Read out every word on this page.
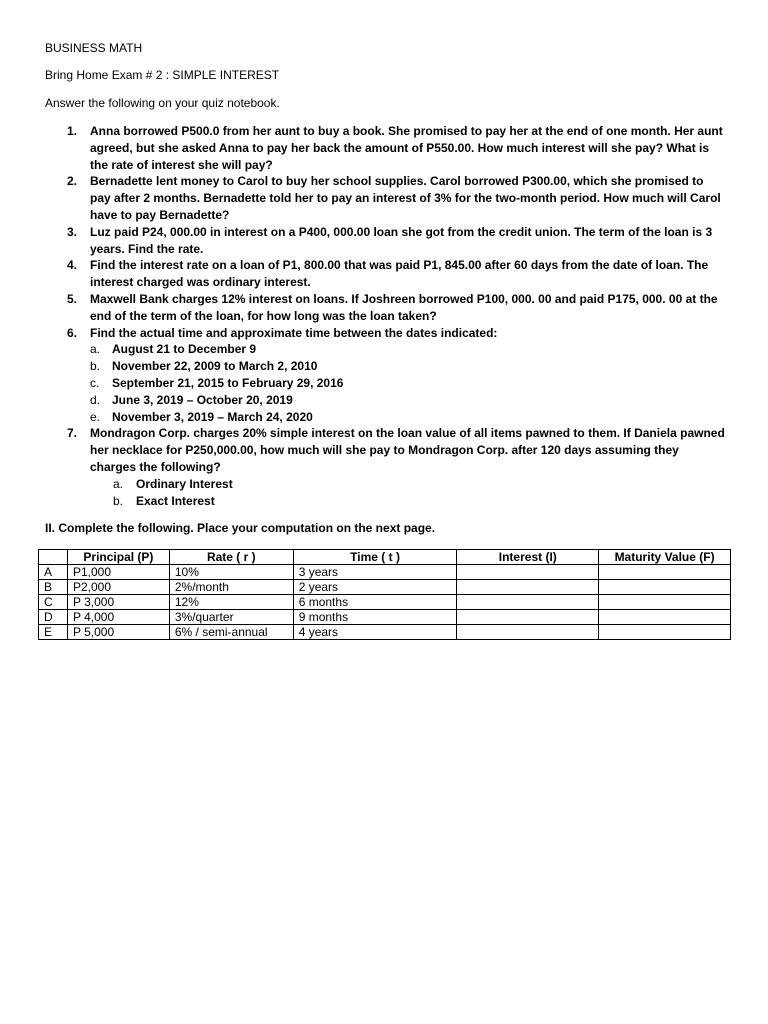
BUSINESS MATH
Bring Home Exam # 2 : SIMPLE INTEREST
Answer the following on your quiz notebook.
1. Anna borrowed P500.0 from her aunt to buy a book. She promised to pay her at the end of one month. Her aunt agreed, but she asked Anna to pay her back the amount of P550.00. How much interest will she pay? What is the rate of interest she will pay?
2. Bernadette lent money to Carol to buy her school supplies. Carol borrowed P300.00, which she promised to pay after 2 months. Bernadette told her to pay an interest of 3% for the two-month period. How much will Carol have to pay Bernadette?
3. Luz paid P24, 000.00 in interest on a P400, 000.00 loan she got from the credit union. The term of the loan is 3 years. Find the rate.
4. Find the interest rate on a loan of P1, 800.00 that was paid P1, 845.00 after 60 days from the date of loan. The interest charged was ordinary interest.
5. Maxwell Bank charges 12% interest on loans. If Joshreen borrowed P100, 000. 00 and paid P175, 000. 00 at the end of the term of the loan, for how long was the loan taken?
6. Find the actual time and approximate time between the dates indicated:
a. August 21 to December 9
b. November 22, 2009 to March 2, 2010
c. September 21, 2015 to February 29, 2016
d. June 3, 2019 – October 20, 2019
e. November 3, 2019 – March 24, 2020
7. Mondragon Corp. charges 20% simple interest on the loan value of all items pawned to them. If Daniela pawned her necklace for P250,000.00, how much will she pay to Mondragon Corp. after 120 days assuming they charges the following?
a. Ordinary Interest
b. Exact Interest
II. Complete the following. Place your computation on the next page.
	Principal (P)	Rate ( r )	Time ( t )	Interest (I)	Maturity Value (F)
A	P1,000	10%	3 years		
B	P2,000	2%/month	2 years		
C	P 3,000	12%	6 months		
D	P 4,000	3%/quarter	9 months		
E	P 5,000	6% / semi-annual	4 years		
